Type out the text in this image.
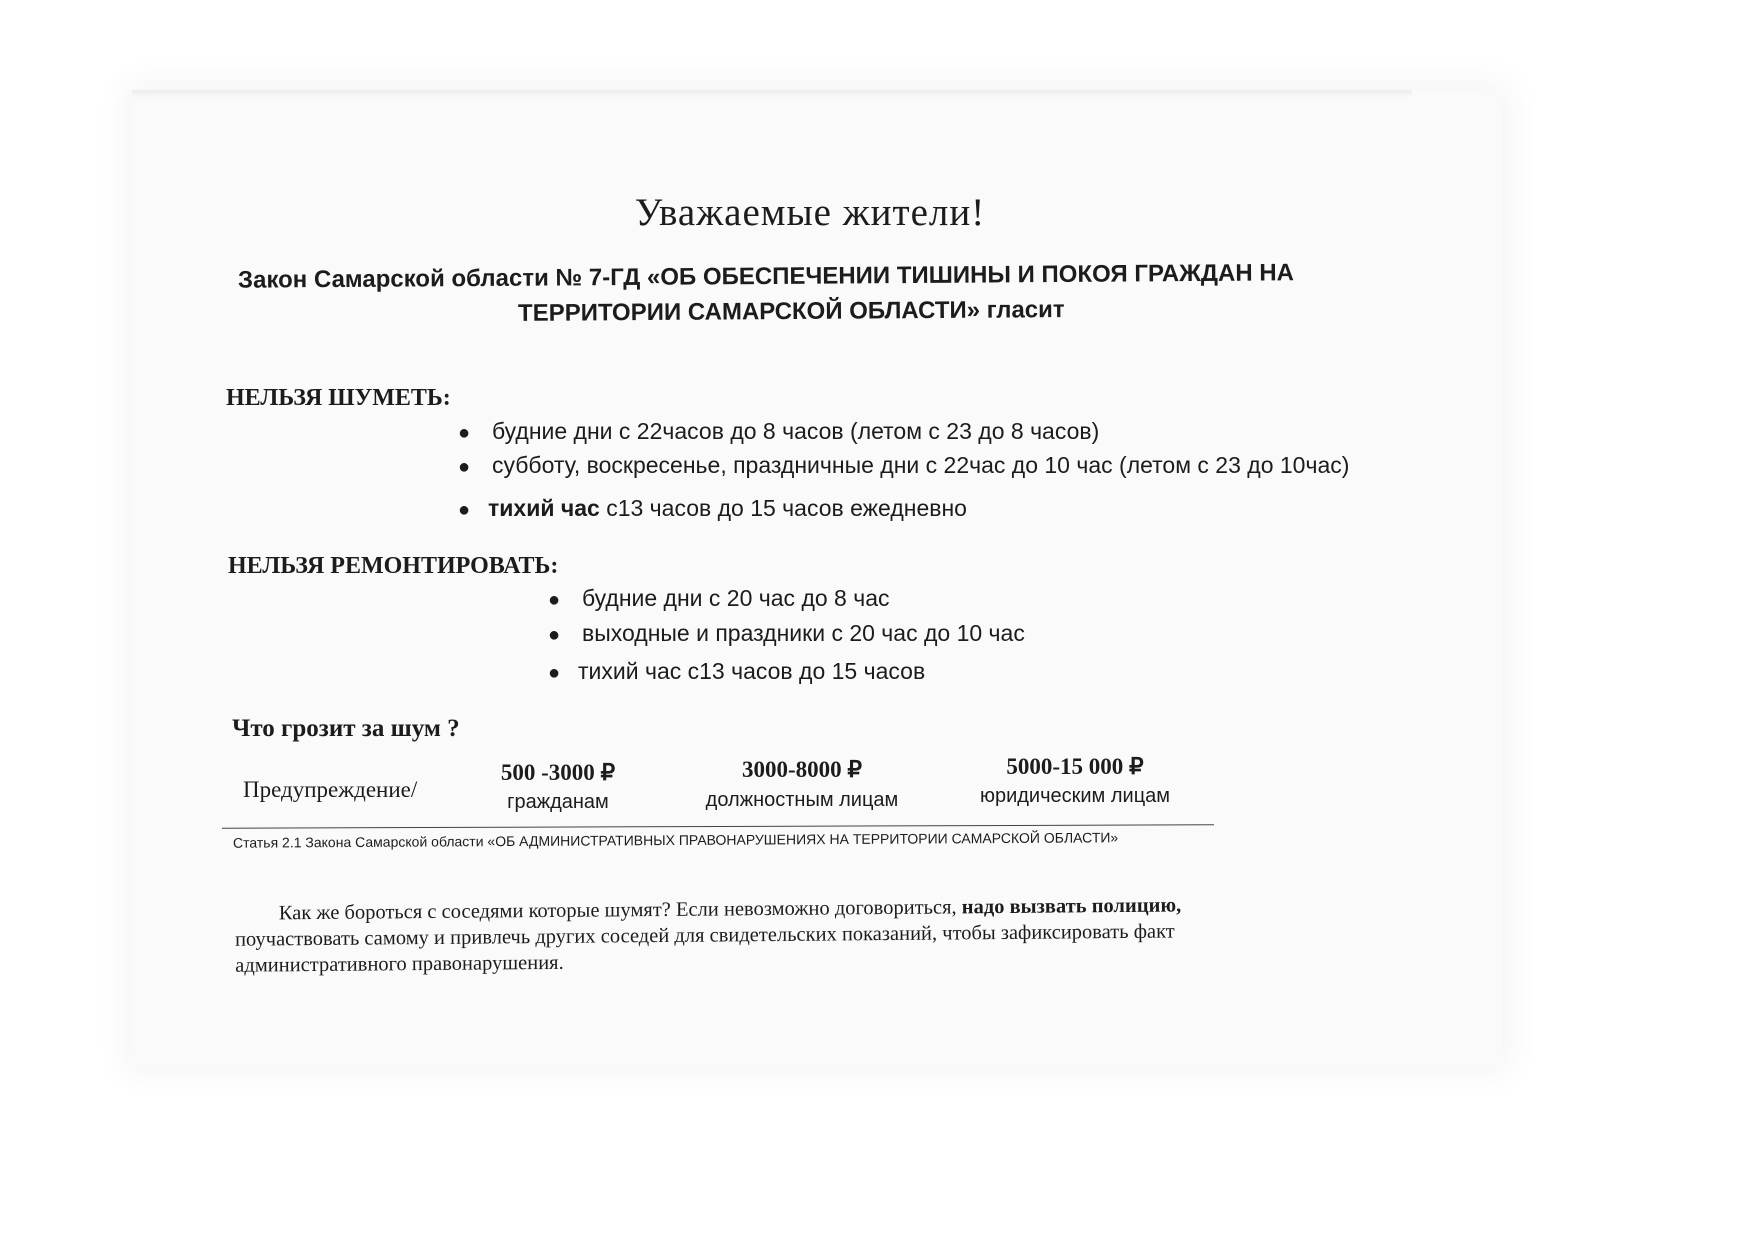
Уважаемые жители!
Закон Самарской области № 7-ГД «ОБ ОБЕСПЕЧЕНИИ ТИШИНЫ И ПОКОЯ ГРАЖДАН НА
ТЕРРИТОРИИ САМАРСКОЙ ОБЛАСТИ» гласит
НЕЛЬЗЯ ШУМЕТЬ:
● будние дни с 22часов до 8 часов (летом с 23 до 8 часов)
● субботу, воскресенье, праздничные дни с 22час до 10 час (летом с 23 до 10час)
● тихий час с13 часов до 15 часов ежедневно
НЕЛЬЗЯ РЕМОНТИРОВАТЬ:
● будние дни с 20 час до 8 час
● выходные и праздники с 20 час до 10 час
● тихий час с13 часов до 15 часов
Что грозит за шум ?
Предупреждение/
500 -3000 ₽
гражданам
3000-8000 ₽
должностным лицам
5000-15 000 ₽
юридическим лицам
Статья 2.1 Закона Самарской области «ОБ АДМИНИСТРАТИВНЫХ ПРАВОНАРУШЕНИЯХ НА ТЕРРИТОРИИ САМАРСКОЙ ОБЛАСТИ»

Как же бороться с соседями которые шумят? Если невозможно договориться, надо вызвать полицию,

поучаствовать самому и привлечь других соседей для свидетельских показаний, чтобы зафиксировать факт

административного правонарушения.
